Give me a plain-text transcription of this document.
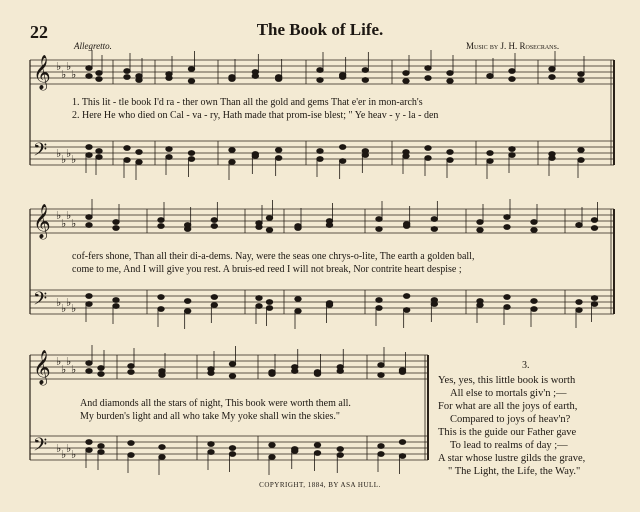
22	The Book of Life.
Allegretto.	Music by J. H. Rosecrans.
𝄞
𝄢
♭
♭
♭
♭
♭
♭
♭
♭
𝄞
𝄢
♭
♭
♭
♭
♭
♭
♭
♭
𝄞
𝄢
♭
♭
♭
♭
♭
♭
♭
♭
1. This lit - tle book I'd ra - ther own Than all the gold and gems That e'er in mon-arch's
2. Here He who died on Cal - va - ry, Hath made that prom-ise blest; " Ye heav - y - la - den
cof-fers shone, Than all their di-a-dems. Nay, were the seas one chrys-o-lite, The earth a golden ball,
come to me, And I will give you rest. A bruis-ed reed I will not break, Nor contrite heart despise ;
And diamonds all the stars of night, This book were worth them all.
My burden's light and all who take My yoke shall win the skies."
3.
Yes, yes, this little book is worth
All else to mortals giv'n ;—
For what are all the joys of earth,
Compared to joys of heav'n?
This is the guide our Father gave
To lead to realms of day ;—
A star whose lustre gilds the grave,
" The Light, the Life, the Way."
COPYRIGHT, 1884, BY ASA HULL.
